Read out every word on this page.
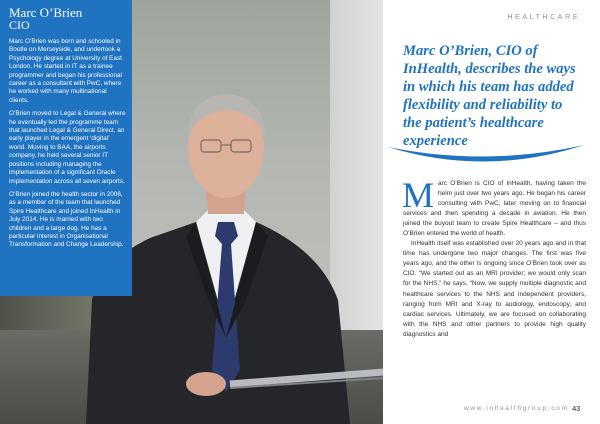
Marc O’Brien
CIO

Marc O’Brien was born and schooled in Bootle on Merseyside, and undertook a Psychology degree at University of East London. He started in IT as a trainee programmer and began his professional career as a consultant with PwC, where he worked with many multinational clients.

O’Brien moved to Legal & General where he eventually led the programme team that launched Legal & General Direct, an early player in the emergent ‘digital’ world. Moving to BAA, the airports company, he held several senior IT positions including managing the implementation of a significant Oracle implementation across all seven airports.

O’Brien joined the health sector in 2006, as a member of the team that launched Spire Healthcare and joined InHealth in July 2014. He is married with two children and a large dog. He has a particular interest in Organisational Transformation and Change Leadership.

HEALTHCARE
Marc O’Brien, CIO of InHealth, describes the ways in which his team has added flexibility and reliability to the patient’s healthcare experience
M arc O’Brien is CIO of InHealth, having taken the helm just over two years ago. He began his career consulting with PwC, later moving on to financial services and then spending a decade in aviation. He then joined the buyout team to create Spire Healthcare – and thus O’Brien entered the world of health.
InHealth itself was established over 20 years ago and in that time has undergone two major changes. The first was five years ago, and the other is ongoing since O’Brien took over as CIO. “We started out as an MRI provider; we would only scan for the NHS,” he says. “Now, we supply multiple diagnostic and healthcare services to the NHS and independent providers, ranging from MRI and X-ray to audiology, endoscopy, and cardiac services. Ultimately, we are focused on collaborating with the NHS and other partners to provide high quality diagnostics and
www.inhealthgroup.com 43
